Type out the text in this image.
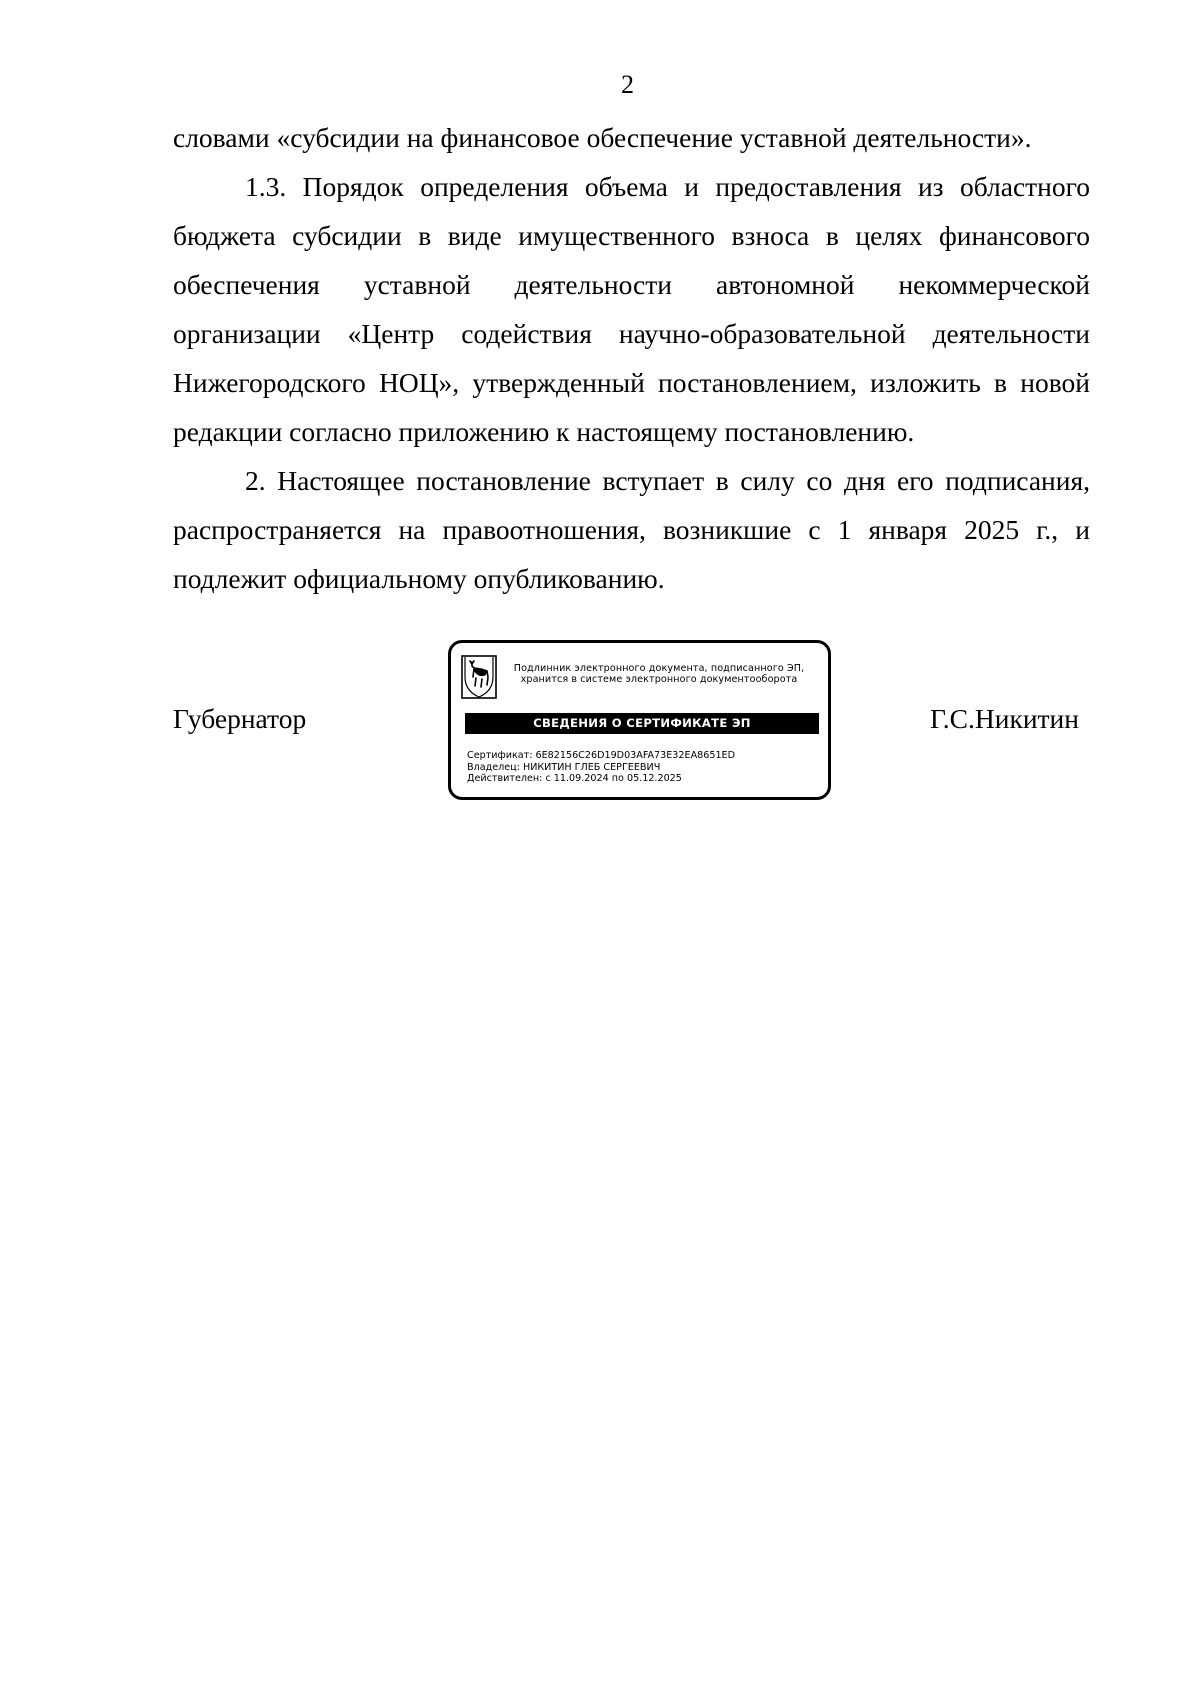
2

словами «субсидии на финансовое обеспечение уставной деятельности».

1.3. Порядок определения объема и предоставления из областного бюджета субсидии в виде имущественного взноса в целях финансового обеспечения уставной деятельности автономной некоммерческой организации «Центр содействия научно-образовательной деятельности Нижегородского НОЦ», утвержденный постановлением, изложить в новой редакции согласно приложению к настоящему постановлению.

2. Настоящее постановление вступает в силу со дня его подписания, распространяется на правоотношения, возникшие с 1 января 2025 г., и подлежит официальному опубликованию.

Губернатор
Подлинник электронного документа, подписанного ЭП,
хранится в системе электронного документооборота
СВЕДЕНИЯ О СЕРТИФИКАТЕ ЭП
Сертификат: 6E82156C26D19D03AFA73E32EA8651ED
Владелец: НИКИТИН ГЛЕБ СЕРГЕЕВИЧ
Действителен: с 11.09.2024 по 05.12.2025
Г.С.Никитин
